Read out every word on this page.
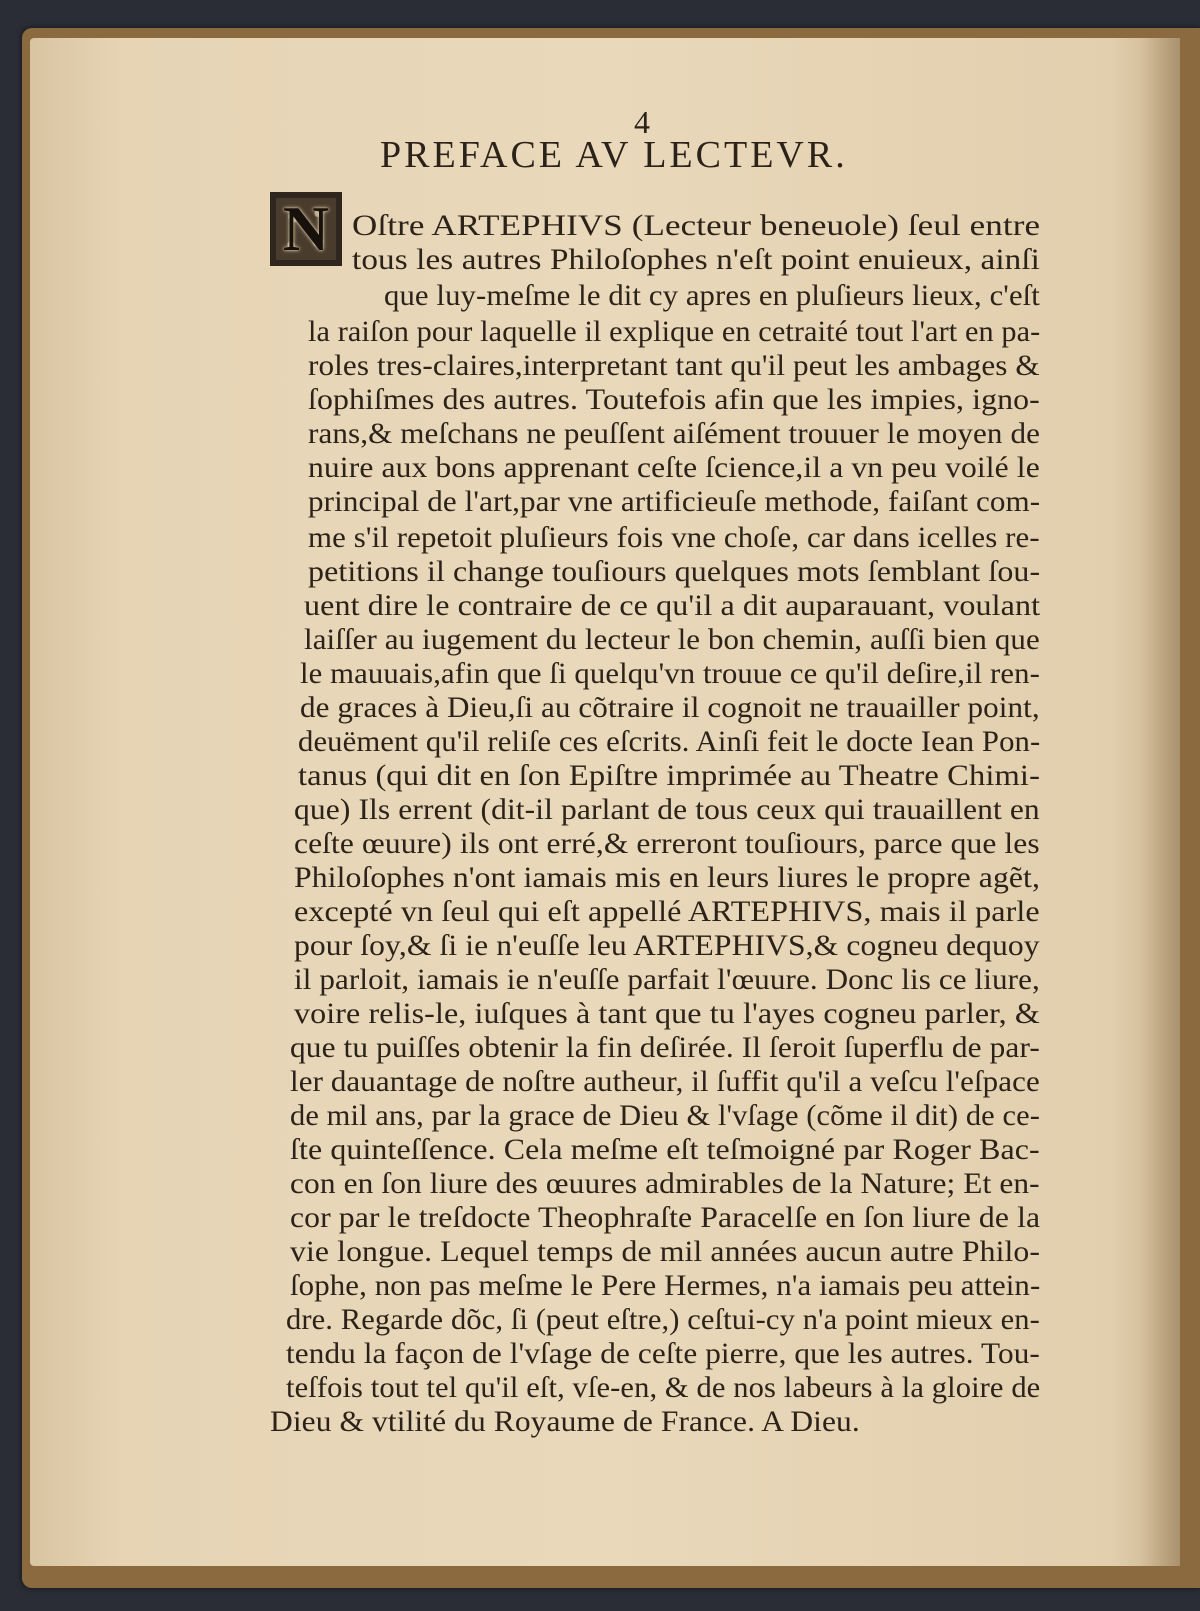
4
PREFACE AV LECTEVR.
N Oſtre ARTEPHIVS (Lecteur beneuole) ſeul entre
tous les autres Philoſophes n'eſt point enuieux, ainſi
que luy-meſme le dit cy apres en pluſieurs lieux, c'eſt
la raiſon pour laquelle il explique en cetraité tout l'art en pa-
roles tres-claires,interpretant tant qu'il peut les ambages &
ſophiſmes des autres. Toutefois afin que les impies, igno-
rans,& meſchans ne peuſſent aiſément trouuer le moyen de
nuire aux bons apprenant ceſte ſcience,il a vn peu voilé le
principal de l'art,par vne artificieuſe methode, faiſant com-
me s'il repetoit pluſieurs fois vne choſe, car dans icelles re-
petitions il change touſiours quelques mots ſemblant ſou-
uent dire le contraire de ce qu'il a dit auparauant, voulant
laiſſer au iugement du lecteur le bon chemin, auſſi bien que
le mauuais,afin que ſi quelqu'vn trouue ce qu'il deſire,il ren-
de graces à Dieu,ſi au cõtraire il cognoit ne trauailler point,
deuëment qu'il reliſe ces eſcrits. Ainſi feit le docte Iean Pon-
tanus (qui dit en ſon Epiſtre imprimée au Theatre Chimi-
que) Ils errent (dit-il parlant de tous ceux qui trauaillent en
ceſte œuure) ils ont erré,& erreront touſiours, parce que les
Philoſophes n'ont iamais mis en leurs liures le propre agẽt,
excepté vn ſeul qui eſt appellé ARTEPHIVS, mais il parle
pour ſoy,& ſi ie n'euſſe leu ARTEPHIVS,& cogneu dequoy
il parloit, iamais ie n'euſſe parfait l'œuure. Donc lis ce liure,
voire relis-le, iuſques à tant que tu l'ayes cogneu parler, &
que tu puiſſes obtenir la fin deſirée. Il ſeroit ſuperflu de par-
ler dauantage de noſtre autheur, il ſuffit qu'il a veſcu l'eſpace
de mil ans, par la grace de Dieu & l'vſage (cõme il dit) de ce-
ſte quinteſſence. Cela meſme eſt teſmoigné par Roger Bac-
con en ſon liure des œuures admirables de la Nature; Et en-
cor par le treſdocte Theophraſte Paracelſe en ſon liure de la
vie longue. Lequel temps de mil années aucun autre Philo-
ſophe, non pas meſme le Pere Hermes, n'a iamais peu attein-
dre. Regarde dõc, ſi (peut eſtre,) ceſtui-cy n'a point mieux en-
tendu la façon de l'vſage de ceſte pierre, que les autres. Tou-
teſfois tout tel qu'il eſt, vſe-en, & de nos labeurs à la gloire de
Dieu & vtilité du Royaume de France. A Dieu.
